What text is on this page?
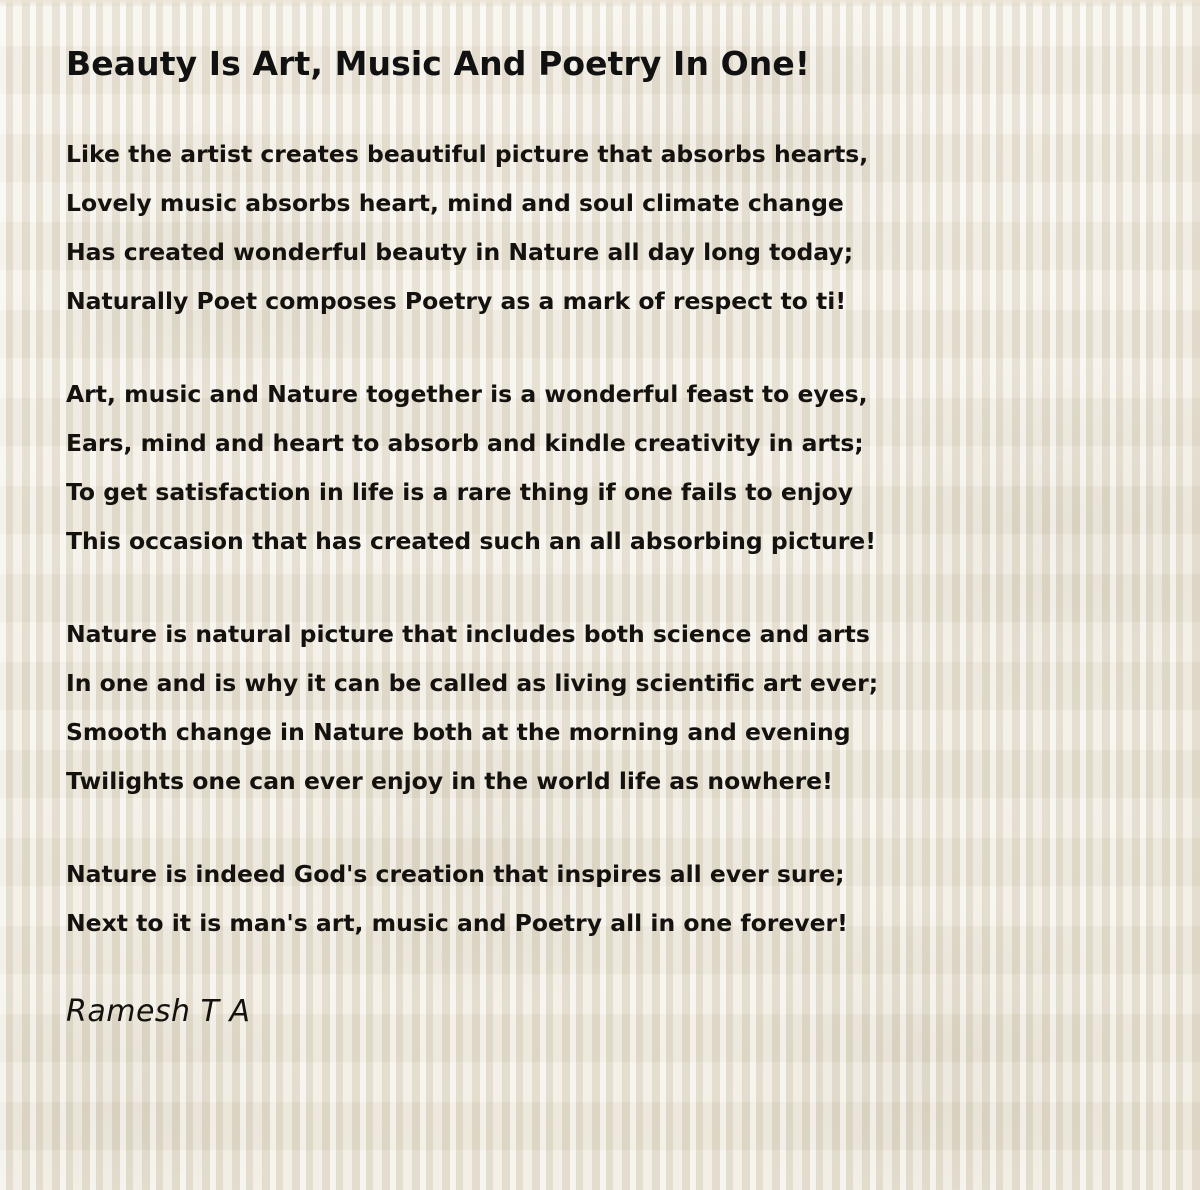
Beauty Is Art, Music And Poetry In One!
Like the artist creates beautiful picture that absorbs hearts,
Lovely music absorbs heart, mind and soul climate change
Has created wonderful beauty in Nature all day long today;
Naturally Poet composes Poetry as a mark of respect to ti!
Art, music and Nature together is a wonderful feast to eyes,
Ears, mind and heart to absorb and kindle creativity in arts;
To get satisfaction in life is a rare thing if one fails to enjoy
This occasion that has created such an all absorbing picture!
Nature is natural picture that includes both science and arts
In one and is why it can be called as living scientific art ever;
Smooth change in Nature both at the morning and evening
Twilights one can ever enjoy in the world life as nowhere!
Nature is indeed God's creation that inspires all ever sure;
Next to it is man's art, music and Poetry all in one forever!
Ramesh T A
